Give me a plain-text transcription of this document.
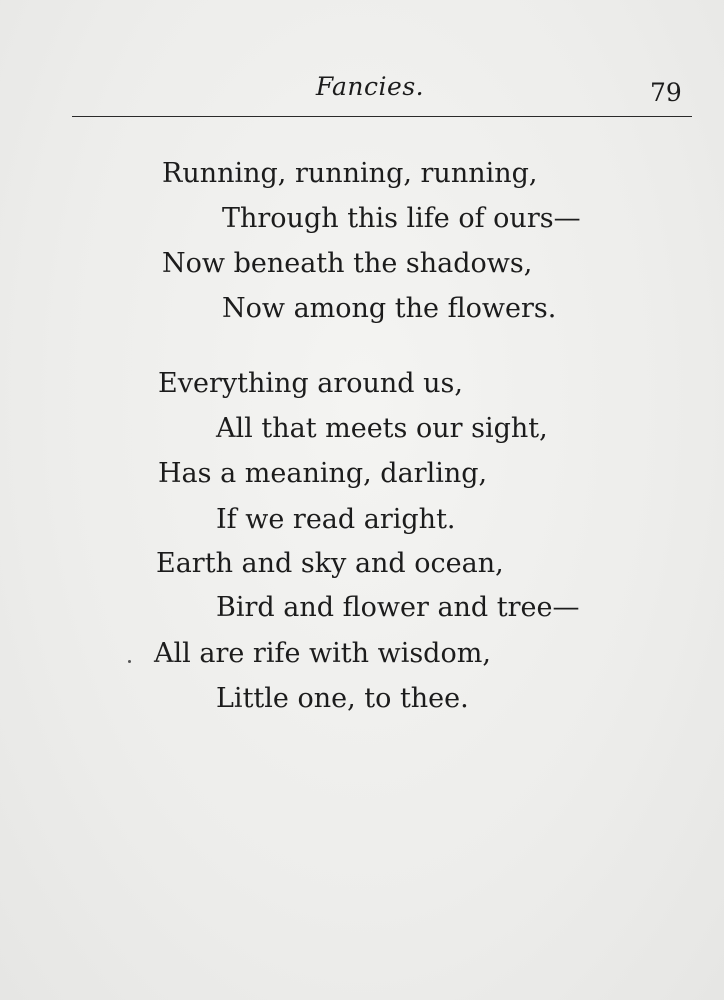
Fancies.	79
Running, running, running,
Through this life of ours—
Now beneath the shadows,
Now among the flowers.
Everything around us,
All that meets our sight,
Has a meaning, darling,
If we read aright.
Earth and sky and ocean,
Bird and flower and tree—
All are rife with wisdom,
Little one, to thee.
